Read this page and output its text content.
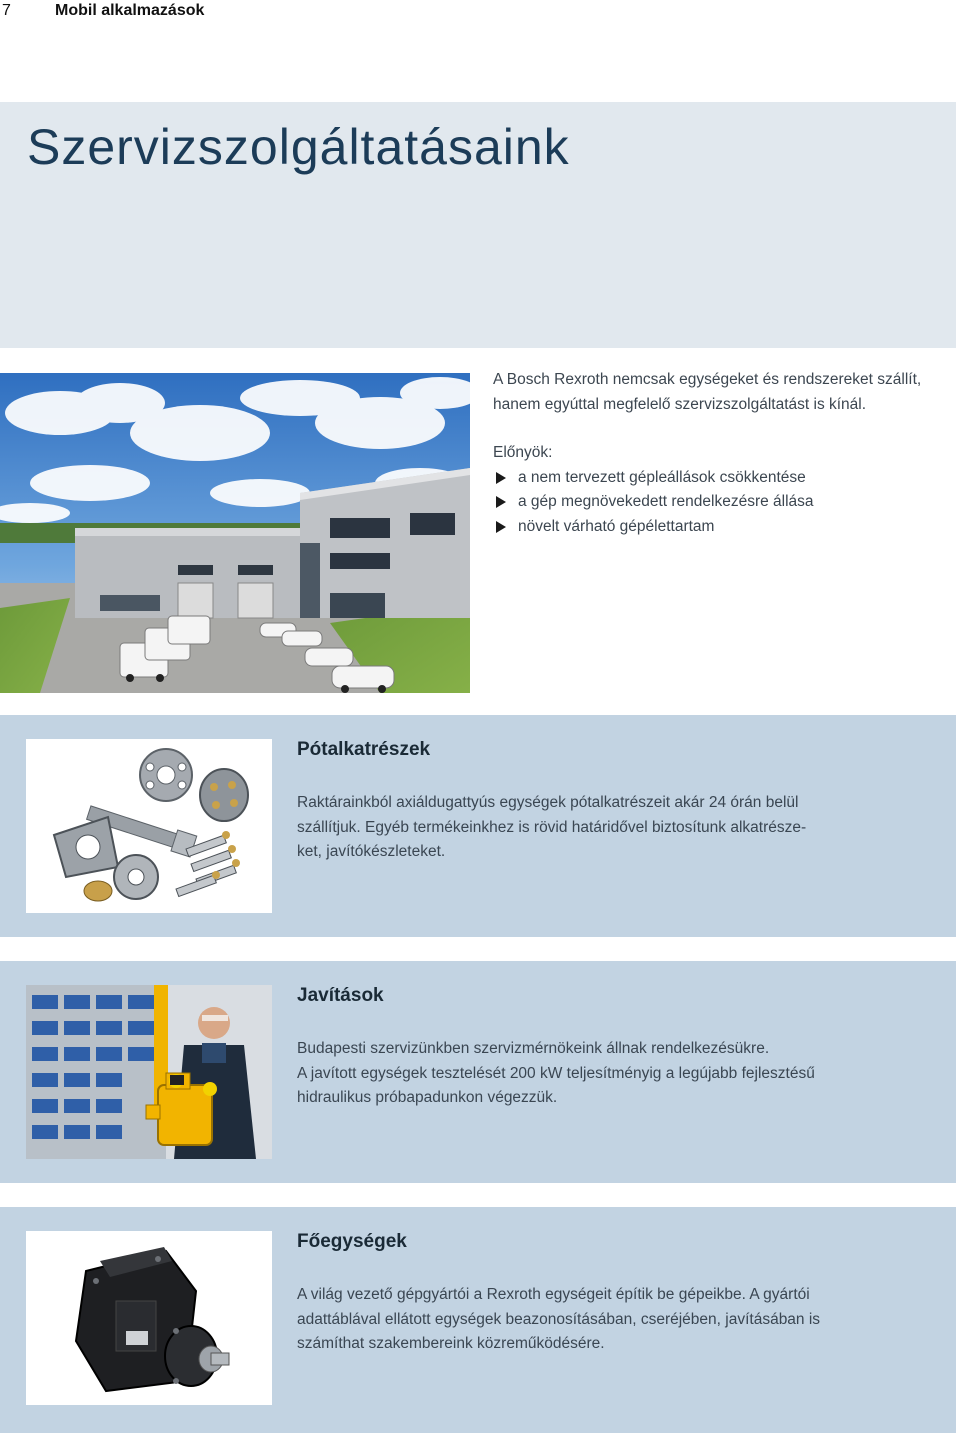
7	Mobil alkalmazások
Szervizszolgáltatásaink

A Bosch Rexroth nemcsak egységeket és rendszereket szállít, hanem egyúttal megfelelő szervizszolgáltatást is kínál.

Előnyök:

a nem tervezett gépleállások csökkentése
a gép megnövekedett rendelkezésre állása
növelt várható gépélettartam
Pótalkatrészek

Raktárainkból axiáldugattyús egységek pótalkatrészeit akár 24 órán belül

szállítjuk. Egyéb termékeinkhez is rövid határidővel biztosítunk alkatrésze-

ket, javítókészleteket.

Javítások

Budapesti szervizünkben szervizmérnökeink állnak rendelkezésükre.

A javított egységek tesztelését 200 kW teljesítményig a legújabb fejlesztésű

hidraulikus próbapadunkon végezzük.

Főegységek

A világ vezető gépgyártói a Rexroth egységeit építik be gépeikbe. A gyártói

adattáblával ellátott egységek beazonosításában, cseréjében, javításában is

számíthat szakembereink közreműködésére.
